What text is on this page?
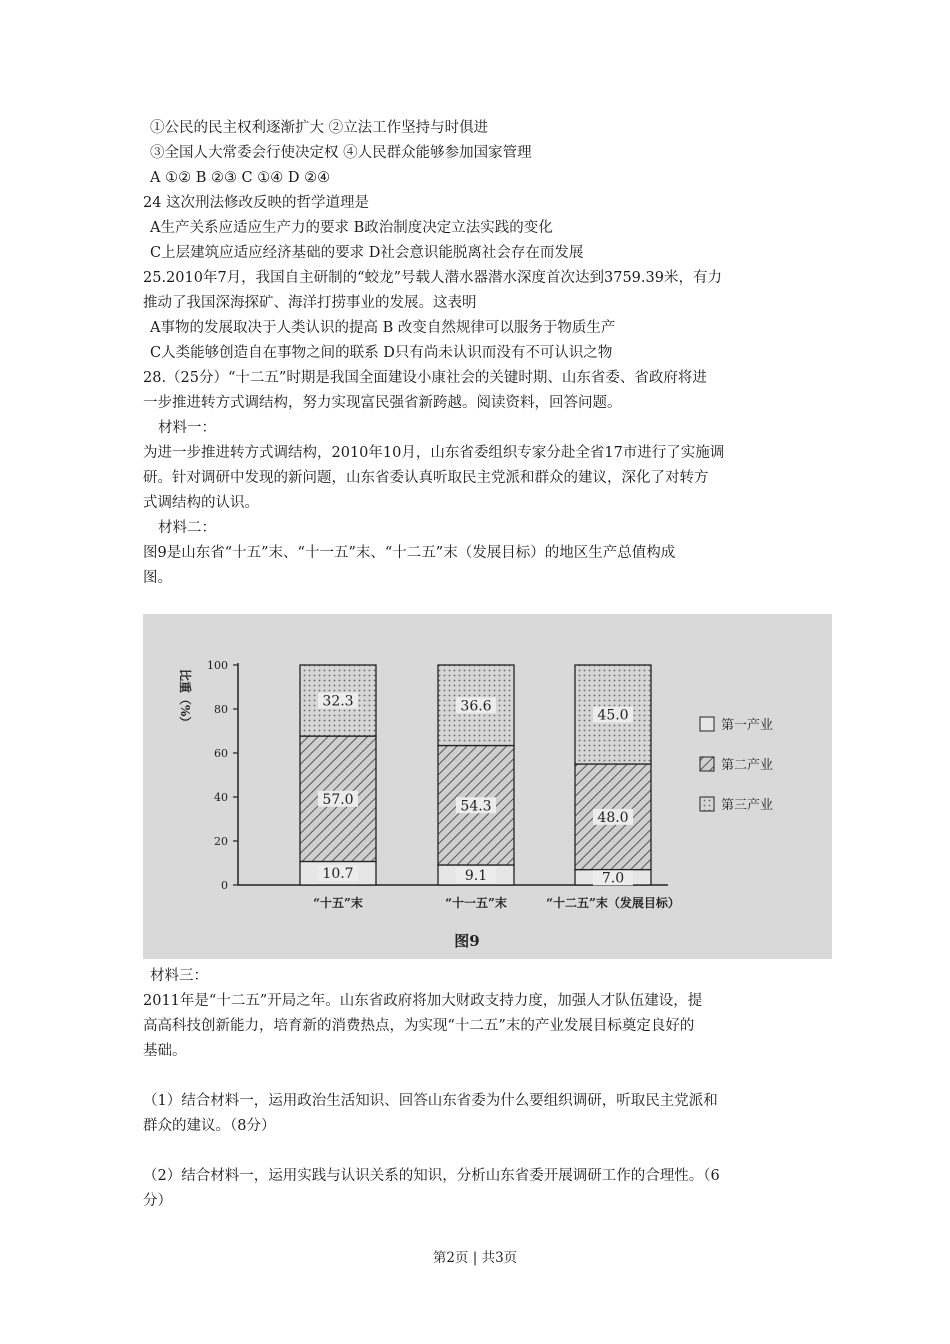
①公民的民主权利逐渐扩大 ②立法工作坚持与时俱进
③全国人大常委会行使决定权 ④人民群众能够参加国家管理
A ①② B ②③ C ①④ D ②④
24 这次刑法修改反映的哲学道理是
A生产关系应适应生产力的要求 B政治制度决定立法实践的变化
C上层建筑应适应经济基础的要求 D社会意识能脱离社会存在而发展
25.2010年7月，我国自主研制的“蛟龙”号载人潜水器潜水深度首次达到3759.39米，有力
推动了我国深海探矿、海洋打捞事业的发展。这表明
A事物的发展取决于人类认识的提高 B 改变自然规律可以服务于物质生产
C人类能够创造自在事物之间的联系 D只有尚未认识而没有不可认识之物
28.（25分）“十二五”时期是我国全面建设小康社会的关键时期、山东省委、省政府将进
一步推进转方式调结构，努力实现富民强省新跨越。阅读资料，回答问题。
材料一：
为进一步推进转方式调结构，2010年10月，山东省委组织专家分赴全省17市进行了实施调
研。针对调研中发现的新问题，山东省委认真听取民主党派和群众的建议，深化了对转方
式调结构的认识。
材料二：
图9是山东省“十五”末、“十一五”末、“十二五”末（发展目标）的地区生产总值构成
图。
材料三：
2011年是“十二五”开局之年。山东省政府将加大财政支持力度，加强人才队伍建设，提
高高科技创新能力，培育新的消费热点，为实现“十二五”末的产业发展目标奠定良好的
基础。
（1）结合材料一，运用政治生活知识、回答山东省委为什么要组织调研，听取民主党派和
群众的建议。（8分）
（2）结合材料一，运用实践与认识关系的知识，分析山东省委开展调研工作的合理性。（6
分）
0
20
40
60
80
100
“十五”末	“十一五”末	“十二五”末（发展目标）
10.7
57.0
32.3
9.1
54.3
36.6
7.0
48.0
45.0
第一产业
第二产业
第三产业
比重（%）
图9
第2页 | 共3页
